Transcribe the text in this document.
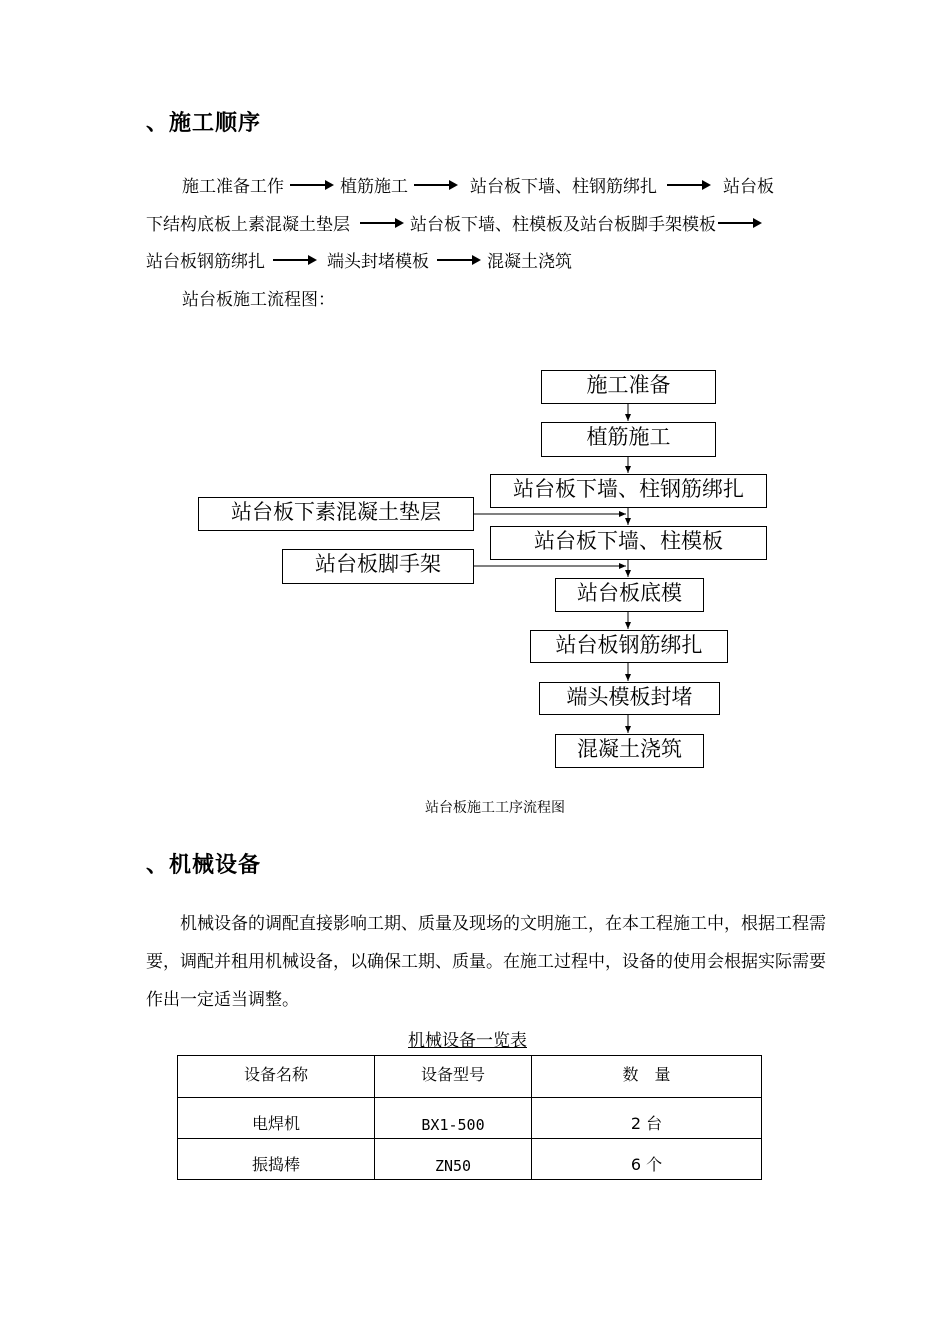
、施工顺序
施工准备工作	植筋施工	站台板下墙、柱钢筋绑扎	站台板
下结构底板上素混凝土垫层	站台板下墙、柱模板及站台板脚手架模板
站台板钢筋绑扎	端头封堵模板	混凝土浇筑
站台板施工流程图：
施工准备
植筋施工
站台板下墙、柱钢筋绑扎
站台板下墙、柱模板
站台板底模
站台板钢筋绑扎
端头模板封堵
混凝土浇筑
站台板下素混凝土垫层
站台板脚手架
站台板施工工序流程图
、机械设备
　　机械设备的调配直接影响工期、质量及现场的文明施工，在本工程施工中，根据工程需要，调配并租用机械设备，以确保工期、质量。在施工过程中，设备的使用会根据实际需要作出一定适当调整。
机械设备一览表
设备名称	设备型号	数　量
电焊机	BX1-500	2 台
振捣棒	ZN50	6 个
